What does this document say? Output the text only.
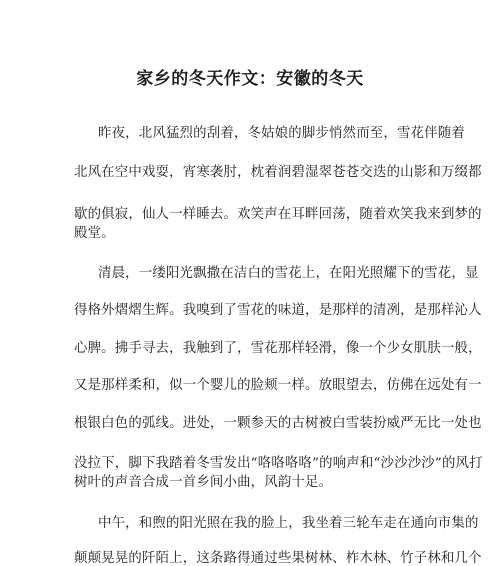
家乡的冬天作文：安徽的冬天
昨夜，北风猛烈的刮着，冬姑娘的脚步悄然而至，雪花伴随着
北风在空中戏耍，宵寒袭肘，枕着润碧湿翠苍苍交迭的山影和万缀都
歇的俱寂，仙人一样睡去。欢笑声在耳畔回荡，随着欢笑我来到梦的
殿堂。
清晨，一缕阳光飘撒在洁白的雪花上，在阳光照耀下的雪花，显
得格外熠熠生辉。我嗅到了雪花的味道，是那样的清冽，是那样沁人
心脾。拂手寻去，我触到了，雪花那样轻滑，像一个少女肌肤一般，
又是那样柔和，似一个婴儿的脸颊一样。放眼望去，仿佛在远处有一
根银白色的弧线。进处，一颗参天的古树被白雪装扮威严无比一处也
没拉下，脚下我踏着冬雪发出“咯咯咯咯”的响声和“沙沙沙沙”的风打
树叶的声音合成一首乡间小曲，风韵十足。
中午，和煦的阳光照在我的脸上，我坐着三轮车走在通向市集的
颠颠晃晃的阡陌上，这条路得通过些果树林、柞木林、竹子林和几个
